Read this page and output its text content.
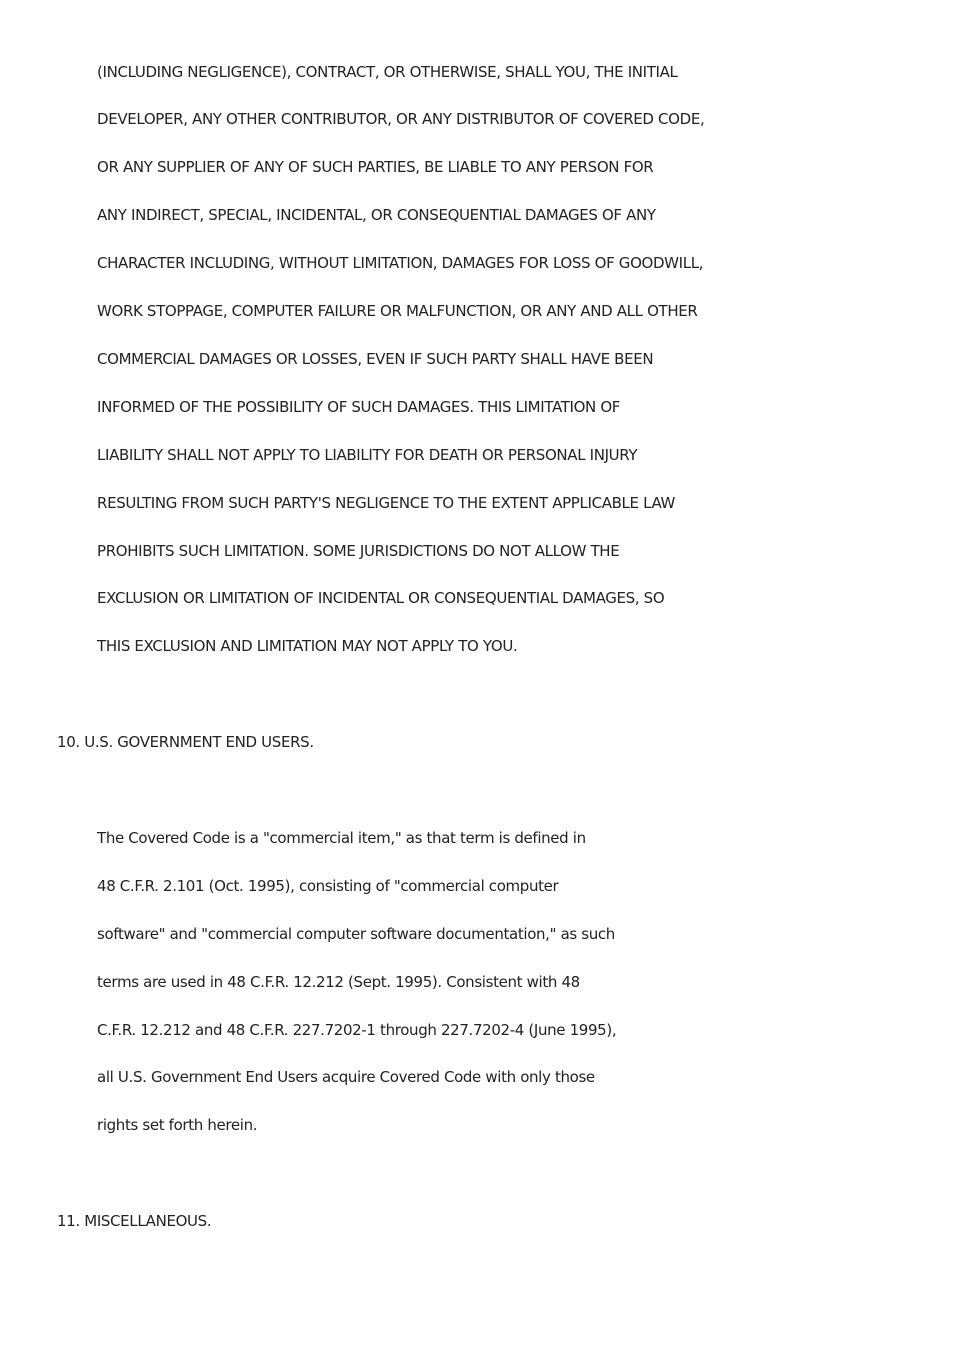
(INCLUDING NEGLIGENCE), CONTRACT, OR OTHERWISE, SHALL YOU, THE INITIAL
DEVELOPER, ANY OTHER CONTRIBUTOR, OR ANY DISTRIBUTOR OF COVERED CODE,
OR ANY SUPPLIER OF ANY OF SUCH PARTIES, BE LIABLE TO ANY PERSON FOR
ANY INDIRECT, SPECIAL, INCIDENTAL, OR CONSEQUENTIAL DAMAGES OF ANY
CHARACTER INCLUDING, WITHOUT LIMITATION, DAMAGES FOR LOSS OF GOODWILL,
WORK STOPPAGE, COMPUTER FAILURE OR MALFUNCTION, OR ANY AND ALL OTHER
COMMERCIAL DAMAGES OR LOSSES, EVEN IF SUCH PARTY SHALL HAVE BEEN
INFORMED OF THE POSSIBILITY OF SUCH DAMAGES. THIS LIMITATION OF
LIABILITY SHALL NOT APPLY TO LIABILITY FOR DEATH OR PERSONAL INJURY
RESULTING FROM SUCH PARTY'S NEGLIGENCE TO THE EXTENT APPLICABLE LAW
PROHIBITS SUCH LIMITATION. SOME JURISDICTIONS DO NOT ALLOW THE
EXCLUSION OR LIMITATION OF INCIDENTAL OR CONSEQUENTIAL DAMAGES, SO
THIS EXCLUSION AND LIMITATION MAY NOT APPLY TO YOU.
10. U.S. GOVERNMENT END USERS.
The Covered Code is a "commercial item," as that term is defined in
48 C.F.R. 2.101 (Oct. 1995), consisting of "commercial computer
software" and "commercial computer software documentation," as such
terms are used in 48 C.F.R. 12.212 (Sept. 1995). Consistent with 48
C.F.R. 12.212 and 48 C.F.R. 227.7202-1 through 227.7202-4 (June 1995),
all U.S. Government End Users acquire Covered Code with only those
rights set forth herein.
11. MISCELLANEOUS.
